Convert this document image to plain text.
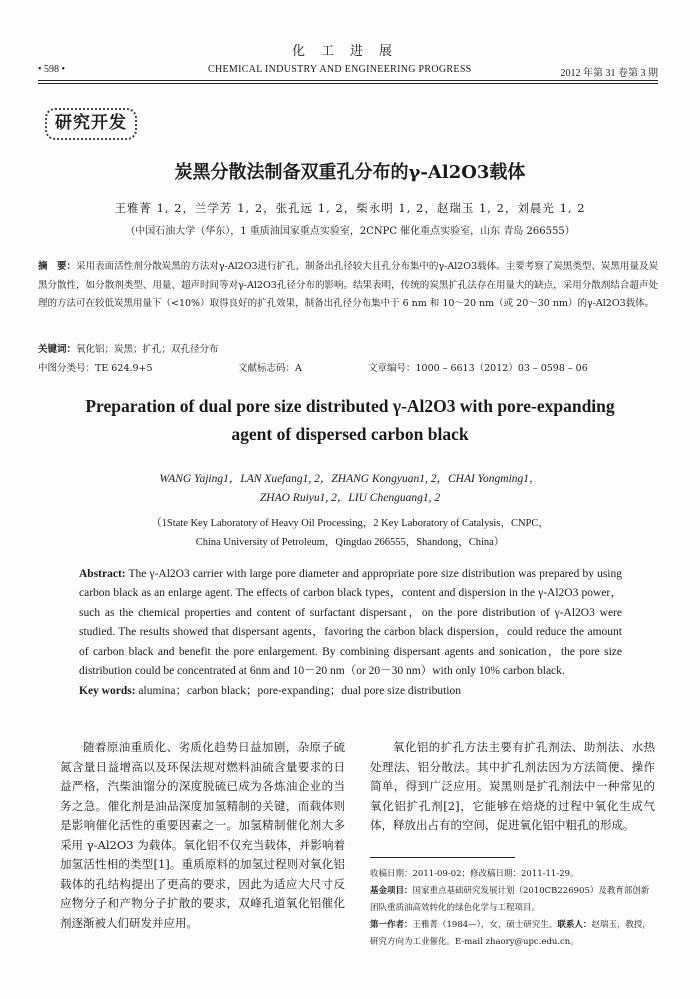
化工进展
• 598 •	CHEMICAL INDUSTRY AND ENGINEERING PROGRESS	2012 年第 31 卷第 3 期
研究开发
炭黑分散法制备双重孔分布的γ-Al2O3载体
王雅菁 1, 2，兰学芳 1, 2，张孔远 1, 2，柴永明 1, 2，赵瑞玉 1, 2，刘晨光 1, 2
（中国石油大学（华东），1 重质油国家重点实验室，2CNPC 催化重点实验室，山东 青岛 266555）
摘　要：采用表面活性剂分散炭黑的方法对γ-Al2O3进行扩孔，制备出孔径较大且孔分布集中的γ-Al2O3载体。主要考察了炭黑类型、炭黑用量及炭黑分散性，如分散剂类型、用量、超声时间等对γ-Al2O3孔径分布的影响。结果表明，传统的炭黑扩孔法存在用量大的缺点，采用分散剂结合超声处理的方法可在较低炭黑用量下（<10%）取得良好的扩孔效果，制备出孔径分布集中于 6 nm 和 10～20 nm（或 20～30 nm）的γ-Al2O3载体。
关键词：氧化铝；炭黑；扩孔；双孔径分布
中图分类号：TE 624.9+5	文献标志码：A	文章编号：1000 – 6613（2012）03 – 0598 – 06
Preparation of dual pore size distributed γ-Al2O3 with pore-expanding agent of dispersed carbon black
WANG Yajing1，LAN Xuefang1, 2，ZHANG Kongyuan1, 2，CHAI Yongming1，
ZHAO Ruiyu1, 2，LIU Chenguang1, 2
（1State Key Laboratory of Heavy Oil Processing，2 Key Laboratory of Catalysis，CNPC，
China University of Petroleum，Qingdao 266555，Shandong，China）
Abstract: The γ-Al2O3 carrier with large pore diameter and appropriate pore size distribution was prepared by using carbon black as an enlarge agent. The effects of carbon black types，content and dispersion in the γ-Al2O3 power，such as the chemical properties and content of surfactant dispersant，on the pore distribution of γ-Al2O3 were studied. The results showed that dispersant agents，favoring the carbon black dispersion，could reduce the amount of carbon black and benefit the pore enlargement. By combining dispersant agents and sonication，the pore size distribution could be concentrated at 6nm and 10－20 nm（or 20－30 nm）with only 10% carbon black.
Key words: alumina；carbon black；pore-expanding；dual pore size distribution

随着原油重质化、劣质化趋势日益加剧，杂原子硫氮含量日益增高以及环保法规对燃料油硫含量要求的日益严格，汽柴油馏分的深度脱硫已成为各炼油企业的当务之急。催化剂是油品深度加氢精制的关键，而载体则是影响催化活性的重要因素之一。加氢精制催化剂大多采用 γ-Al2O3 为载体。氧化铝不仅充当载体，并影响着加氢活性相的类型[1]。重质原料的加氢过程则对氧化铝载体的孔结构提出了更高的要求，因此为适应大尺寸反应物分子和产物分子扩散的要求，双峰孔道氧化铝催化剂逐渐被人们研发并应用。

氧化铝的扩孔方法主要有扩孔剂法、助剂法、水热处理法、铝分散法。其中扩孔剂法因为方法简便、操作简单，得到广泛应用。炭黑则是扩孔剂法中一种常见的氧化铝扩孔剂[2]，它能够在焙烧的过程中氧化生成气体，释放出占有的空间，促进氧化铝中粗孔的形成。

收稿日期：2011-09-02；修改稿日期：2011-11-29。

基金项目：国家重点基础研究发展计划（2010CB226905）及教育部创新团队重质油高效转化的绿色化学与工程项目。

第一作者：王雅菁（1984—），女，硕士研究生。联系人：赵瑞玉，教授，研究方向为工业催化。E-mail zhaory@upc.edu.cn。
